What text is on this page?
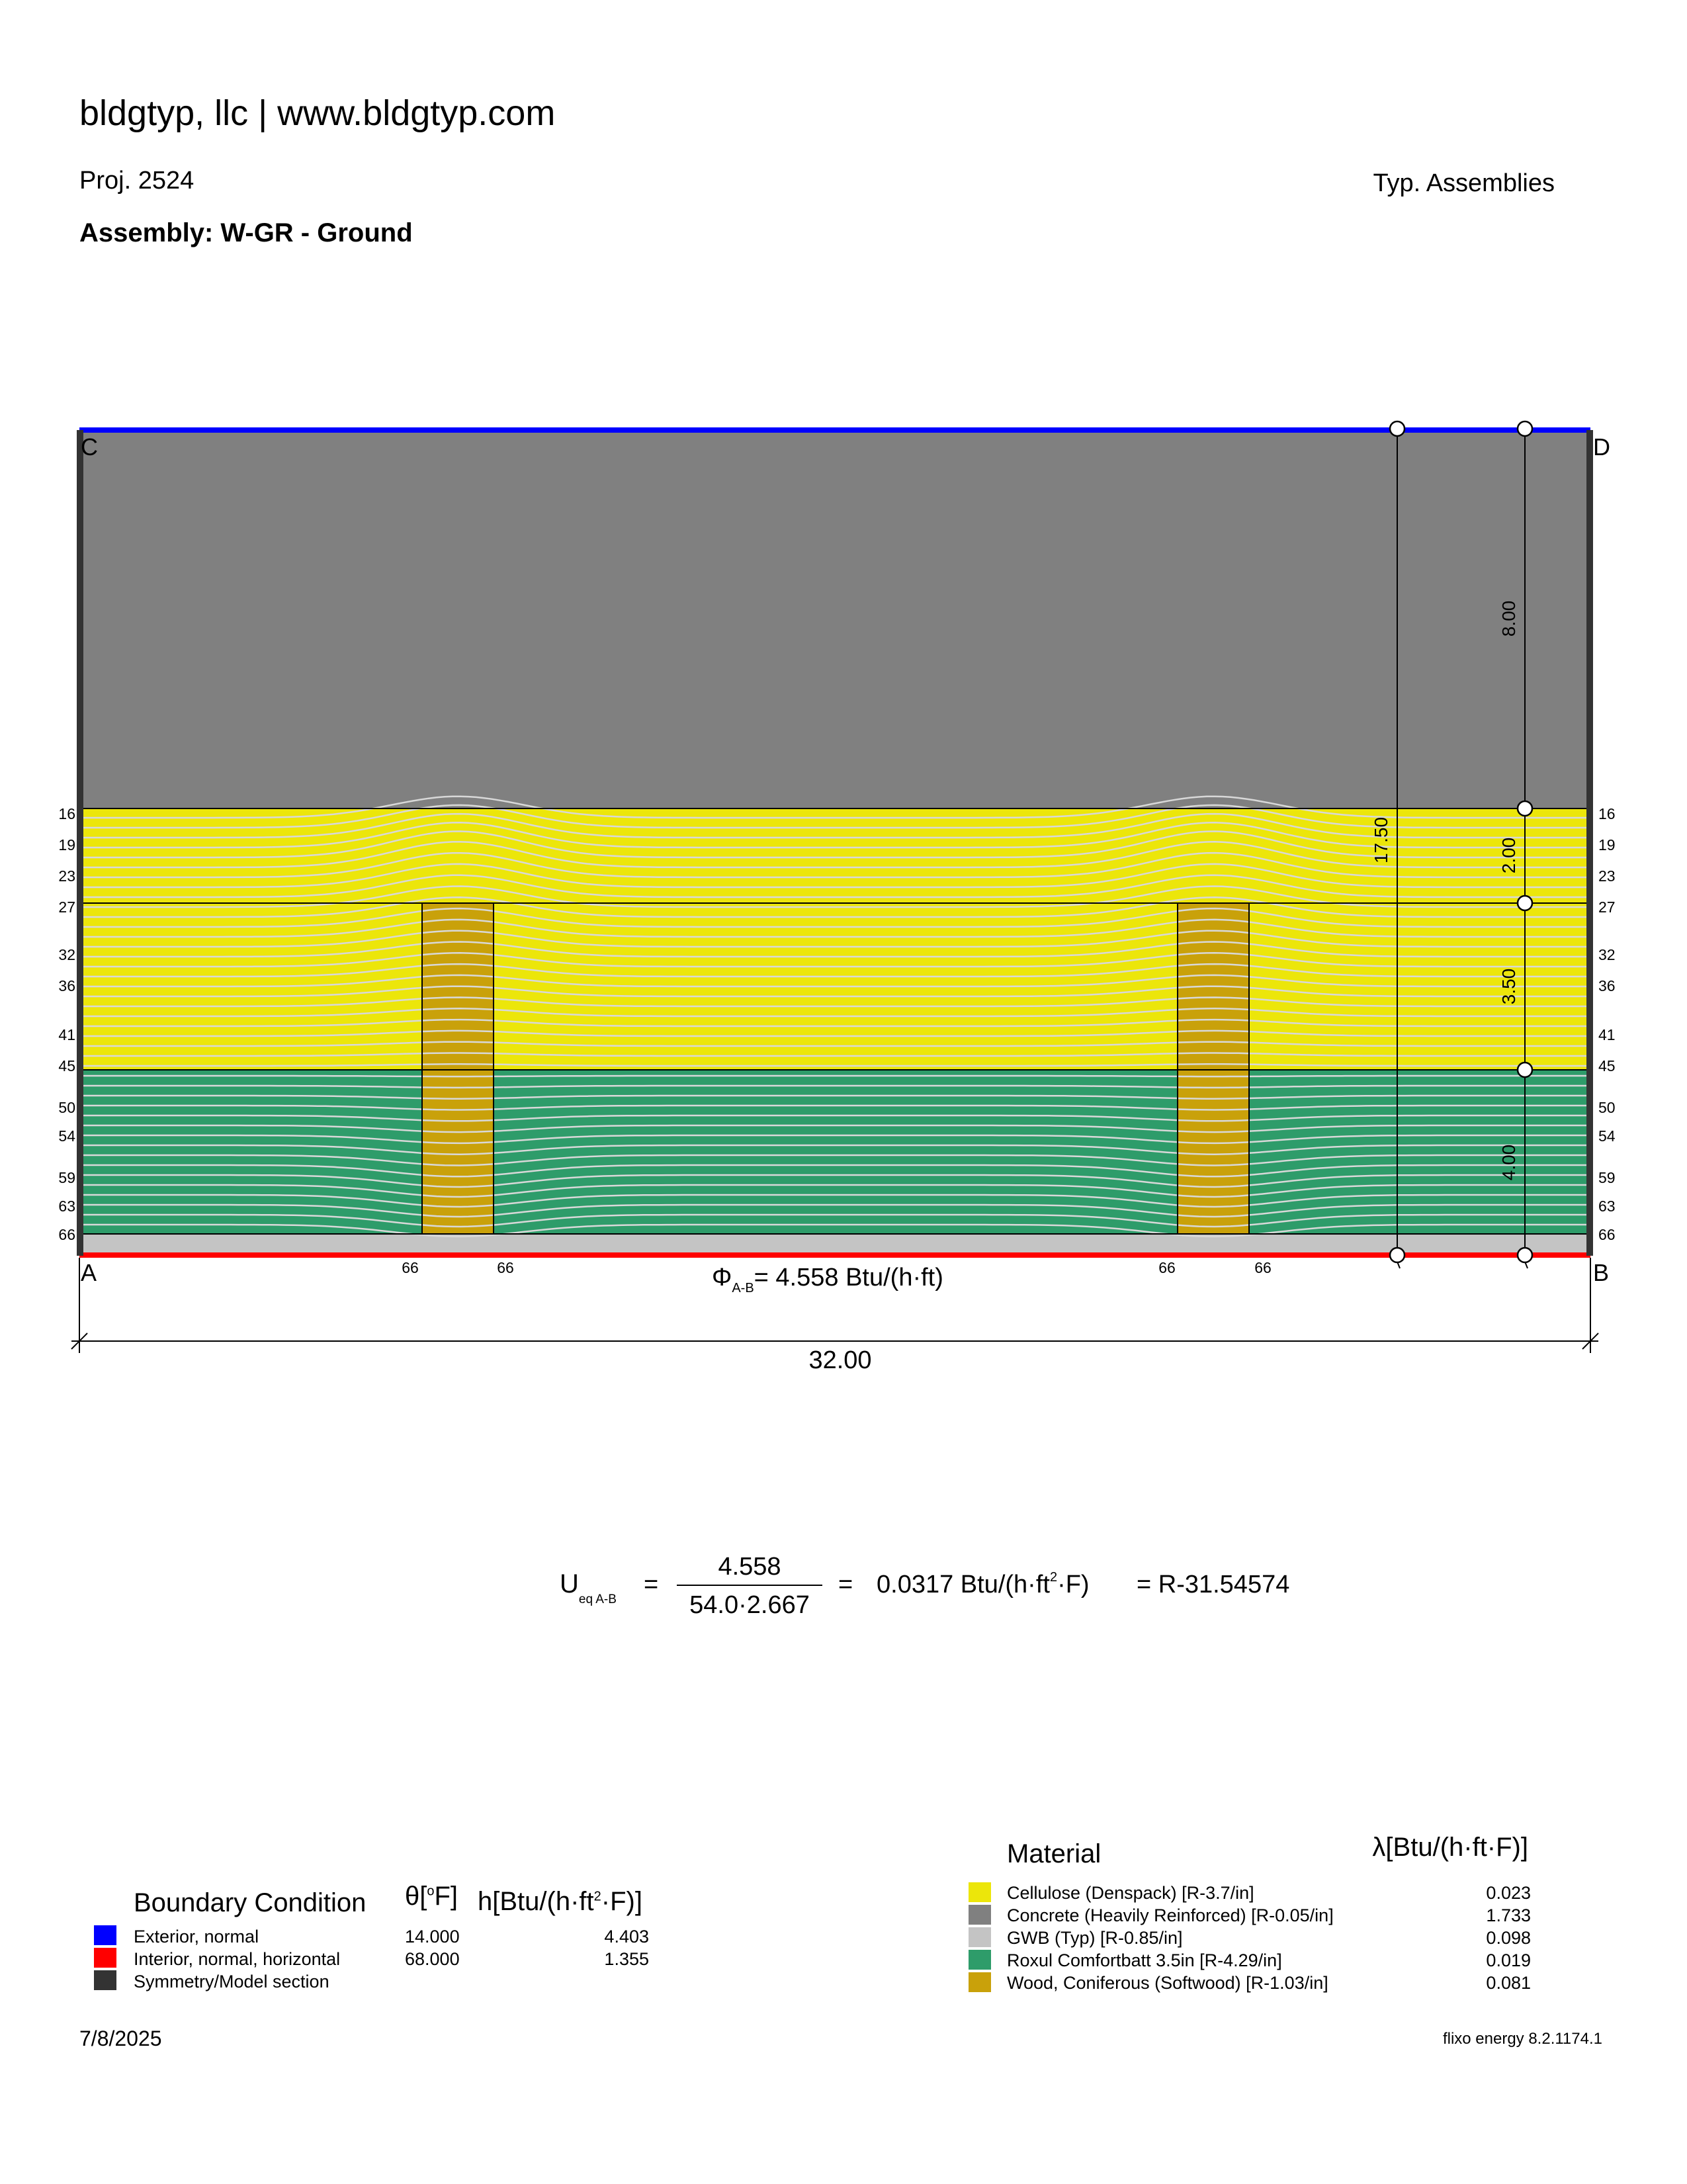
bldgtyp, llc | www.bldgtyp.com
Proj. 2524	Typ. Assemblies
Assembly: W-GR - Ground
C	D
A	B
16
19
23
27
32
36
41
45
50
54
59
63
66
16
19
23
27
32
36
41
45
50
54
59
63
66
66	66	66	66
17.50
8.00
2.00
3.50
4.00
$\Phi_{A-B}= 4.558$ Btu/(h·ft)
32.00
$U_{eq A-B}$
=
4.558
54.0·2.667
= 0.0317 Btu/$(h\cdot ft^2\cdot F) = R-31.54574$
Boundary Condition θ[$^o$F] $h[Btu/(h\cdot ft^2\cdot F)]$
Exterior, normal	14.000	4.403
Interior, normal, horizontal	68.000	1.355
Symmetry/Model section
Material	λ[Btu/(h·ft·F)]
Cellulose (Denspack) [R-3.7/in]	0.023
Concrete (Heavily Reinforced) [R-0.05/in]	1.733
GWB (Typ) [R-0.85/in]	0.098
Roxul Comfortbatt 3.5in [R-4.29/in]	0.019
Wood, Coniferous (Softwood) [R-1.03/in]	0.081
7/8/2025	flixo energy 8.2.1174.1
